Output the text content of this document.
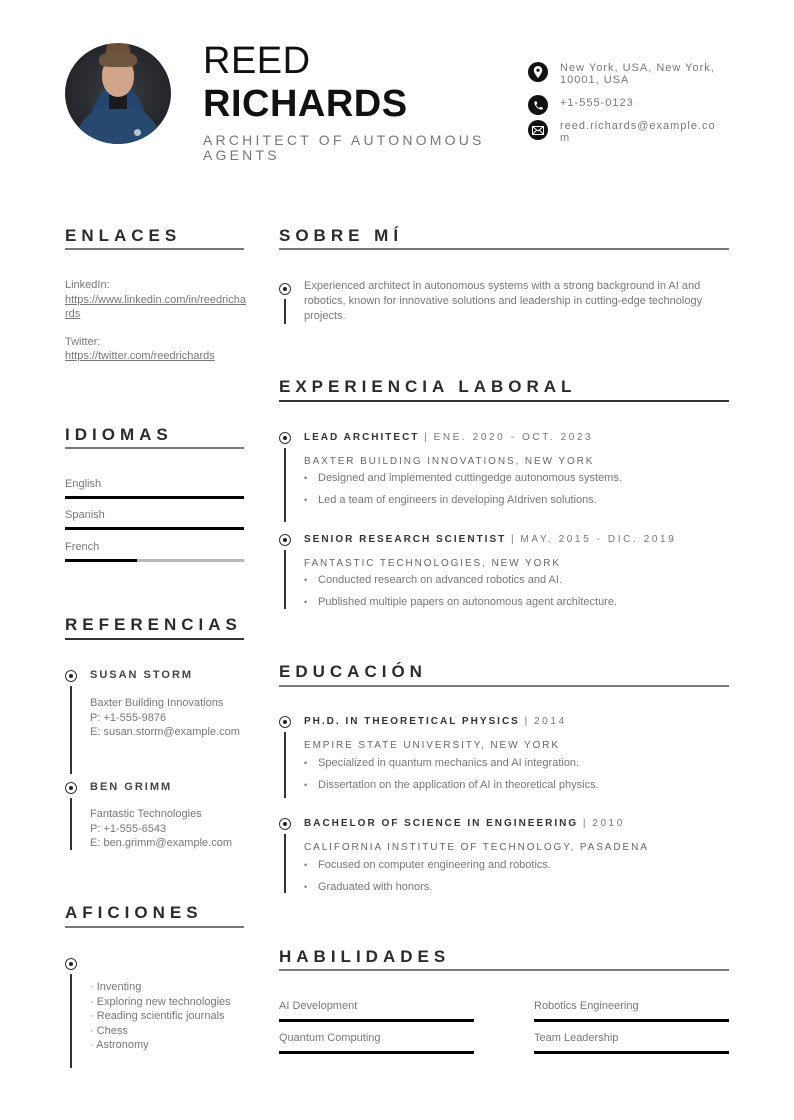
REED
RICHARDS
ARCHITECT OF AUTONOMOUS AGENTS
New York, USA, New York, 10001, USA
+1-555-0123
reed.richards@example.com
ENLACES
LinkedIn:
https://www.linkedin.com/in/reedrichards
Twitter:
https://twitter.com/reedrichards
IDIOMAS
English
Spanish
French
REFERENCIAS
SUSAN STORM
Baxter Building Innovations
P: +1-555-9876
E: susan.storm@example.com
BEN GRIMM
Fantastic Technologies
P: +1-555-6543
E: ben.grimm@example.com
AFICIONES
· Inventing
· Exploring new technologies
· Reading scientific journals
· Chess
· Astronomy
SOBRE MÍ
Experienced architect in autonomous systems with a strong background in AI and robotics, known for innovative solutions and leadership in cutting-edge technology projects.
EXPERIENCIA LABORAL
LEAD ARCHITECT | ENE. 2020 - OCT. 2023
BAXTER BUILDING INNOVATIONS, NEW YORK
• Designed and implemented cuttingedge autonomous systems.
• Led a team of engineers in developing AIdriven solutions.
SENIOR RESEARCH SCIENTIST | MAY. 2015 - DIC. 2019
FANTASTIC TECHNOLOGIES, NEW YORK
• Conducted research on advanced robotics and AI.
• Published multiple papers on autonomous agent architecture.
EDUCACIÓN
PH.D. IN THEORETICAL PHYSICS | 2014
EMPIRE STATE UNIVERSITY, NEW YORK
• Specialized in quantum mechanics and AI integration.
• Dissertation on the application of AI in theoretical physics.
BACHELOR OF SCIENCE IN ENGINEERING | 2010
CALIFORNIA INSTITUTE OF TECHNOLOGY, PASADENA
• Focused on computer engineering and robotics.
• Graduated with honors.
HABILIDADES
AI Development	Robotics Engineering
Quantum Computing	Team Leadership
